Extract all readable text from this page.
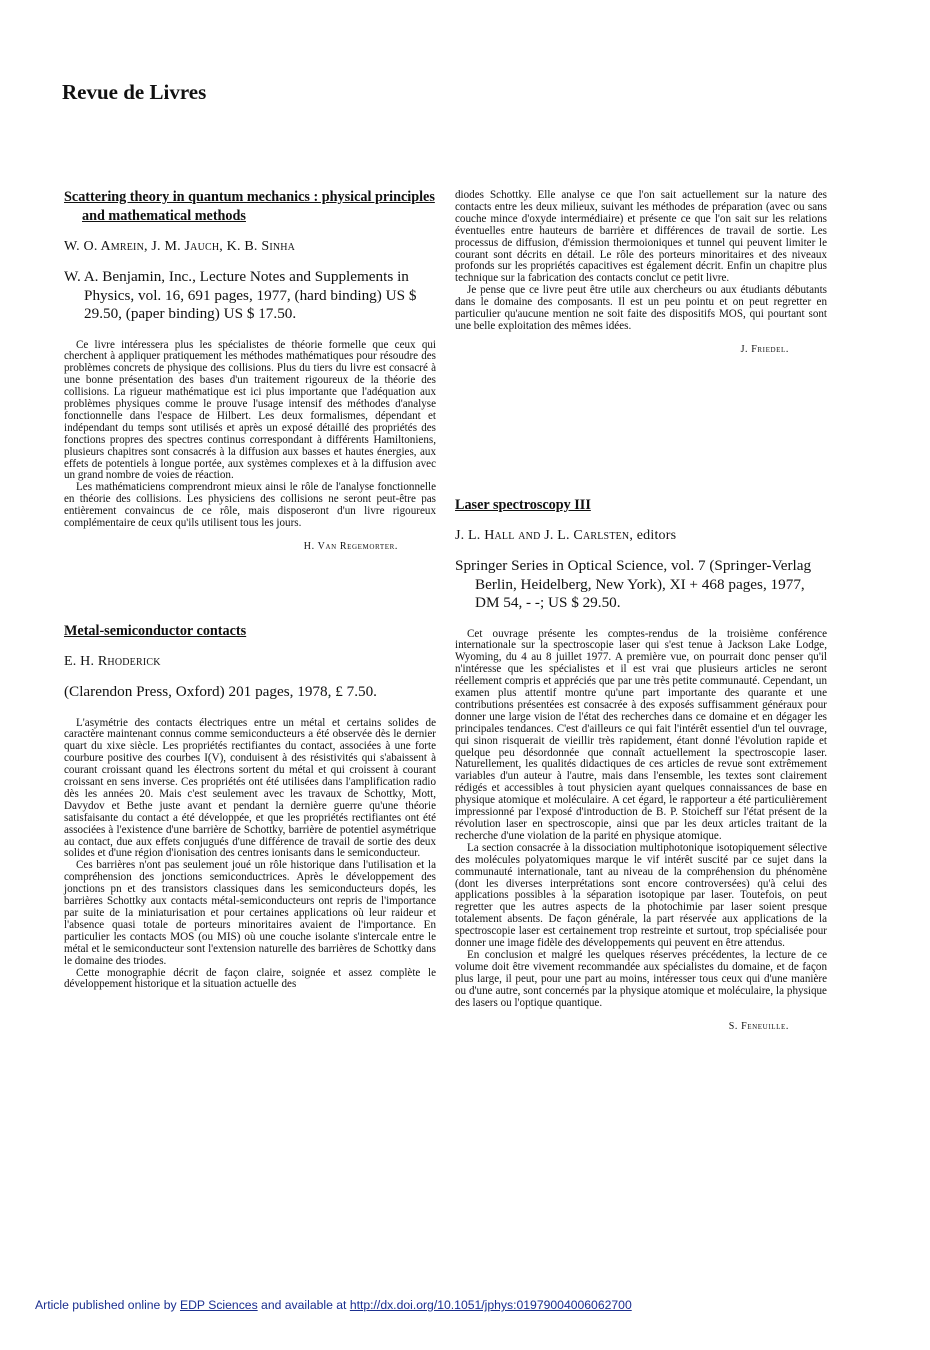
Revue de Livres
Scattering theory in quantum mechanics : physical principles and mathematical methods
W. O. Amrein, J. M. Jauch, K. B. Sinha
W. A. Benjamin, Inc., Lecture Notes and Supplements in Physics, vol. 16, 691 pages, 1977, (hard binding) US $ 29.50, (paper binding) US $ 17.50.

Ce livre intéressera plus les spécialistes de théorie formelle que ceux qui cherchent à appliquer pratiquement les méthodes mathématiques pour résoudre des problèmes concrets de physique des collisions. Plus du tiers du livre est consacré à une bonne présentation des bases d'un traitement rigoureux de la théorie des collisions. La rigueur mathématique est ici plus importante que l'adéquation aux problèmes physiques comme le prouve l'usage intensif des méthodes d'analyse fonctionnelle dans l'espace de Hilbert. Les deux formalismes, dépendant et indépendant du temps sont utilisés et après un exposé détaillé des propriétés des fonctions propres des spectres continus correspondant à différents Hamiltoniens, plusieurs chapitres sont consacrés à la diffusion aux basses et hautes énergies, aux effets de potentiels à longue portée, aux systèmes complexes et à la diffusion avec un grand nombre de voies de réaction.

Les mathématiciens comprendront mieux ainsi le rôle de l'analyse fonctionnelle en théorie des collisions. Les physiciens des collisions ne seront peut-être pas entièrement convaincus de ce rôle, mais disposeront d'un livre rigoureux complémentaire de ceux qu'ils utilisent tous les jours.

H. Van Regemorter.
Metal-semiconductor contacts
E. H. Rhoderick
(Clarendon Press, Oxford) 201 pages, 1978, £ 7.50.

L'asymétrie des contacts électriques entre un métal et certains solides de caractère maintenant connus comme semiconducteurs a été observée dès le dernier quart du xixe siècle. Les propriétés rectifiantes du contact, associées à une forte courbure positive des courbes I(V), conduisent à des résistivités qui s'abaissent à courant croissant quand les électrons sortent du métal et qui croissent à courant croissant en sens inverse. Ces propriétés ont été utilisées dans l'amplification radio dès les années 20. Mais c'est seulement avec les travaux de Schottky, Mott, Davydov et Bethe juste avant et pendant la dernière guerre qu'une théorie satisfaisante du contact a été développée, et que les propriétés rectifiantes ont été associées à l'existence d'une barrière de Schottky, barrière de potentiel asymétrique au contact, due aux effets conjugués d'une différence de travail de sortie des deux solides et d'une région d'ionisation des centres ionisants dans le semiconducteur.

Ces barrières n'ont pas seulement joué un rôle historique dans l'utilisation et la compréhension des jonctions semiconductrices. Après le développement des jonctions pn et des transistors classiques dans les semiconducteurs dopés, les barrières Schottky aux contacts métal-semiconducteurs ont repris de l'importance par suite de la miniaturisation et pour certaines applications où leur raideur et l'absence quasi totale de porteurs minoritaires avaient de l'importance. En particulier les contacts MOS (ou MIS) où une couche isolante s'intercale entre le métal et le semiconducteur sont l'extension naturelle des barrières de Schottky dans le domaine des triodes.

Cette monographie décrit de façon claire, soignée et assez complète le développement historique et la situation actuelle des

diodes Schottky. Elle analyse ce que l'on sait actuellement sur la nature des contacts entre les deux milieux, suivant les méthodes de préparation (avec ou sans couche mince d'oxyde intermédiaire) et présente ce que l'on sait sur les relations éventuelles entre hauteurs de barrière et différences de travail de sortie. Les processus de diffusion, d'émission thermoioniques et tunnel qui peuvent limiter le courant sont décrits en détail. Le rôle des porteurs minoritaires et des niveaux profonds sur les propriétés capacitives est également décrit. Enfin un chapitre plus technique sur la fabrication des contacts conclut ce petit livre.

Je pense que ce livre peut être utile aux chercheurs ou aux étudiants débutants dans le domaine des composants. Il est un peu pointu et on peut regretter en particulier qu'aucune mention ne soit faite des dispositifs MOS, qui pourtant sont une belle exploitation des mêmes idées.

J. Friedel.
Laser spectroscopy III
J. L. Hall and J. L. Carlsten, editors
Springer Series in Optical Science, vol. 7 (Springer-Verlag Berlin, Heidelberg, New York), XI + 468 pages, 1977, DM 54, - -; US $ 29.50.

Cet ouvrage présente les comptes-rendus de la troisième conférence internationale sur la spectroscopie laser qui s'est tenue à Jackson Lake Lodge, Wyoming, du 4 au 8 juillet 1977. A première vue, on pourrait donc penser qu'il n'intéresse que les spécialistes et il est vrai que plusieurs articles ne seront réellement compris et appréciés que par une très petite communauté. Cependant, un examen plus attentif montre qu'une part importante des quarante et une contributions présentées est consacrée à des exposés suffisamment généraux pour donner une large vision de l'état des recherches dans ce domaine et en dégager les principales tendances. C'est d'ailleurs ce qui fait l'intérêt essentiel d'un tel ouvrage, qui sinon risquerait de vieillir très rapidement, étant donné l'évolution rapide et quelque peu désordonnée que connaît actuellement la spectroscopie laser. Naturellement, les qualités didactiques de ces articles de revue sont extrêmement variables d'un auteur à l'autre, mais dans l'ensemble, les textes sont clairement rédigés et accessibles à tout physicien ayant quelques connaissances de base en physique atomique et moléculaire. A cet égard, le rapporteur a été particulièrement impressionné par l'exposé d'introduction de B. P. Stoicheff sur l'état présent de la révolution laser en spectroscopie, ainsi que par les deux articles traitant de la recherche d'une violation de la parité en physique atomique.

La section consacrée à la dissociation multiphotonique isotopiquement sélective des molécules polyatomiques marque le vif intérêt suscité par ce sujet dans la communauté internationale, tant au niveau de la compréhension du phénomène (dont les diverses interprétations sont encore controversées) qu'à celui des applications possibles à la séparation isotopique par laser. Toutefois, on peut regretter que les autres aspects de la photochimie par laser soient presque totalement absents. De façon générale, la part réservée aux applications de la spectroscopie laser est certainement trop restreinte et surtout, trop spécialisée pour donner une image fidèle des développements qui peuvent en être attendus.

En conclusion et malgré les quelques réserves précédentes, la lecture de ce volume doit être vivement recommandée aux spécialistes du domaine, et de façon plus large, il peut, pour une part au moins, intéresser tous ceux qui d'une manière ou d'une autre, sont concernés par la physique atomique et moléculaire, la physique des lasers ou l'optique quantique.

S. Feneuille.
Article published online by EDP Sciences and available at http://dx.doi.org/10.1051/jphys:01979004006062700
